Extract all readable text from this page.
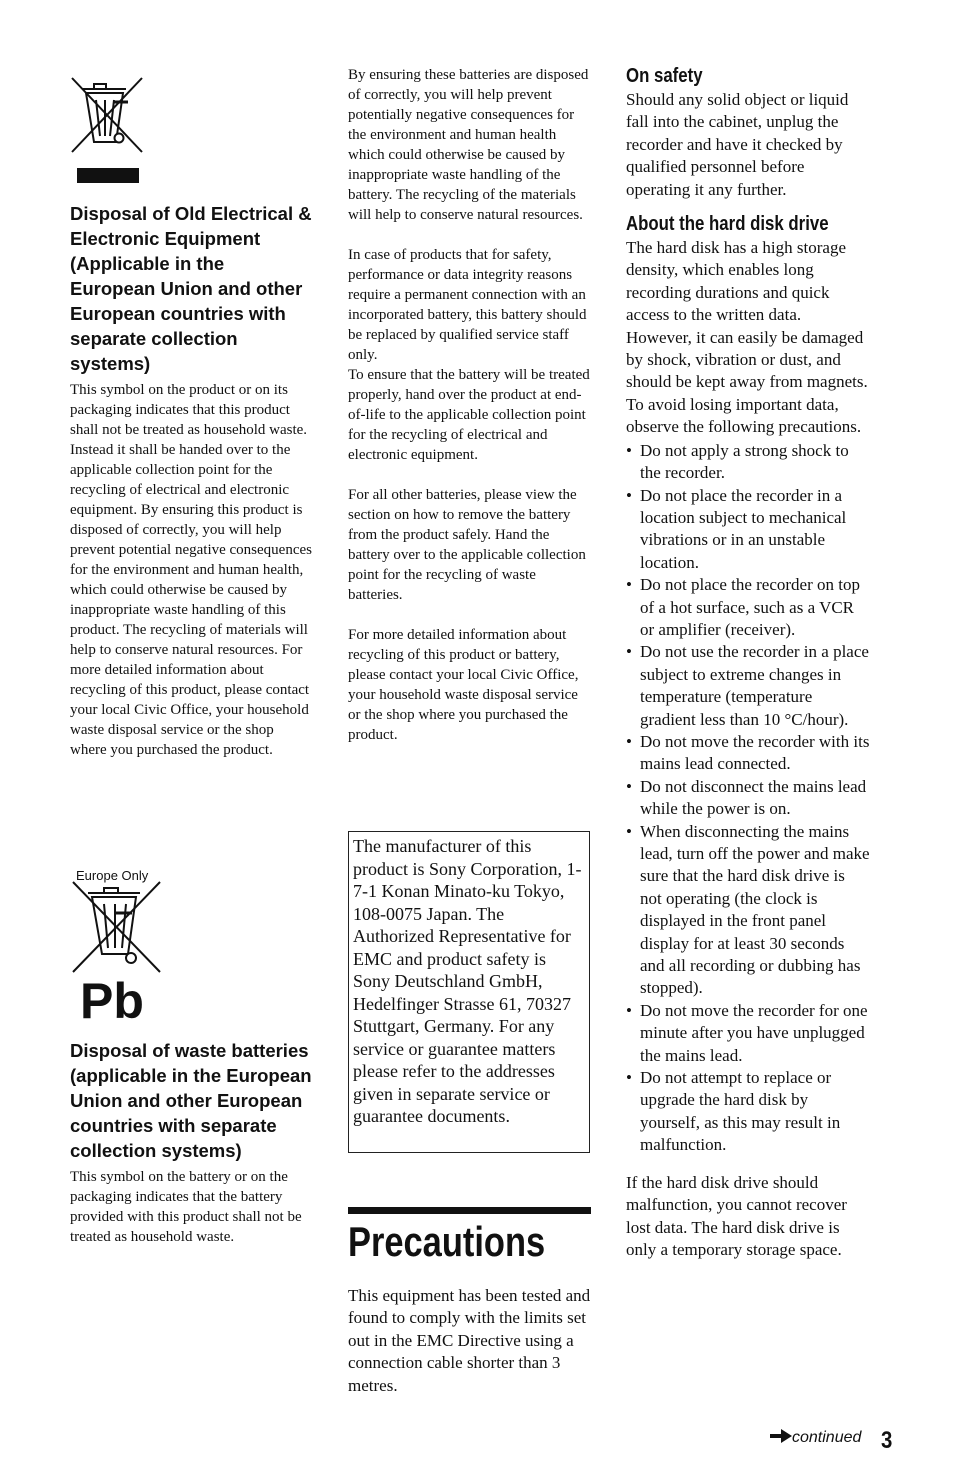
Disposal of Old Electrical & Electronic Equipment (Applicable in the European Union and other European countries with separate collection systems)

This symbol on the product or on its packaging indicates that this product shall not be treated as household waste. Instead it shall be handed over to the applicable collection point for the recycling of electrical and electronic equipment. By ensuring this product is disposed of correctly, you will help prevent potential negative consequences for the environment and human health, which could otherwise be caused by inappropriate waste handling of this product. The recycling of materials will help to conserve natural resources. For more detailed information about recycling of this product, please contact your local Civic Office, your household waste disposal service or the shop where you purchased the product.

Europe Only
Pb
Disposal of waste batteries (applicable in the European Union and other European countries with separate collection systems)

This symbol on the battery or on the packaging indicates that the battery provided with this product shall not be treated as household waste.

By ensuring these batteries are disposed of correctly, you will help prevent potentially negative consequences for the environment and human health which could otherwise be caused by inappropriate waste handling of the battery. The recycling of the materials will help to conserve natural resources.

In case of products that for safety, performance or data integrity reasons require a permanent connection with an incorporated battery, this battery should be replaced by qualified service staff only.

To ensure that the battery will be treated properly, hand over the product at end-of-life to the applicable collection point for the recycling of electrical and electronic equipment.

For all other batteries, please view the section on how to remove the battery from the product safely. Hand the battery over to the applicable collection point for the recycling of waste batteries.

For more detailed information about recycling of this product or battery, please contact your local Civic Office, your household waste disposal service or the shop where you purchased the product.

The manufacturer of this product is Sony Corporation, 1-7-1 Konan Minato-ku Tokyo, 108-0075 Japan. The Authorized Representative for EMC and product safety is Sony Deutschland GmbH, Hedelfinger Strasse 61, 70327 Stuttgart, Germany. For any service or guarantee matters please refer to the addresses given in separate service or guarantee documents.
Precautions

This equipment has been tested and found to comply with the limits set out in the EMC Directive using a connection cable shorter than 3 metres.

On safety

Should any solid object or liquid fall into the cabinet, unplug the recorder and have it checked by qualified personnel before operating it any further.

About the hard disk drive

The hard disk has a high storage density, which enables long recording durations and quick access to the written data. However, it can easily be damaged by shock, vibration or dust, and should be kept away from magnets. To avoid losing important data, observe the following precautions.

• Do not apply a strong shock to the recorder.
• Do not place the recorder in a location subject to mechanical vibrations or in an unstable location.
• Do not place the recorder on top of a hot surface, such as a VCR or amplifier (receiver).
• Do not use the recorder in a place subject to extreme changes in temperature (temperature gradient less than 10 °C/hour).
• Do not move the recorder with its mains lead connected.
• Do not disconnect the mains lead while the power is on.
• When disconnecting the mains lead, turn off the power and make sure that the hard disk drive is not operating (the clock is displayed in the front panel display for at least 30 seconds and all recording or dubbing has stopped).
• Do not move the recorder for one minute after you have unplugged the mains lead.
• Do not attempt to replace or upgrade the hard disk by yourself, as this may result in malfunction.

If the hard disk drive should malfunction, you cannot recover lost data. The hard disk drive is only a temporary storage space.

continued 3
